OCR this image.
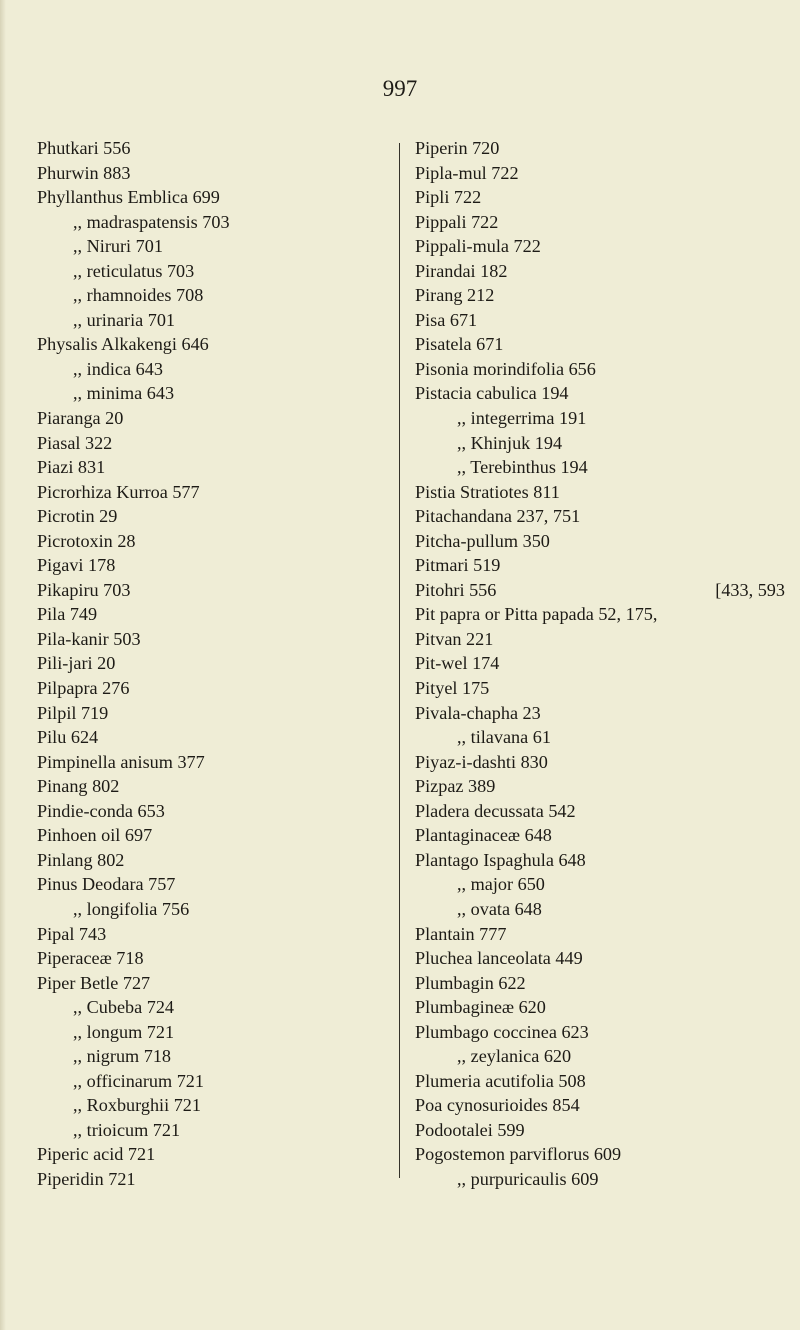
997
Phutkari 556
Phurwin 883
Phyllanthus Emblica 699
,, madraspatensis 703
,, Niruri 701
,, reticulatus 703
,, rhamnoides 708
,, urinaria 701
Physalis Alkakengi 646
,, indica 643
,, minima 643
Piaranga 20
Piasal 322
Piazi 831
Picrorhiza Kurroa 577
Picrotin 29
Picrotoxin 28
Pigavi 178
Pikapiru 703
Pila 749
Pila-kanir 503
Pili-jari 20
Pilpapra 276
Pilpil 719
Pilu 624
Pimpinella anisum 377
Pinang 802
Pindie-conda 653
Pinhoen oil 697
Pinlang 802
Pinus Deodara 757
,, longifolia 756
Pipal 743
Piperaceæ 718
Piper Betle 727
,, Cubeba 724
,, longum 721
,, nigrum 718
,, officinarum 721
,, Roxburghii 721
,, trioicum 721
Piperic acid 721
Piperidin 721
Piperin 720
Pipla-mul 722
Pipli 722
Pippali 722
Pippali-mula 722
Pirandai 182
Pirang 212
Pisa 671
Pisatela 671
Pisonia morindifolia 656
Pistacia cabulica 194
,, integerrima 191
,, Khinjuk 194
,, Terebinthus 194
Pistia Stratiotes 811
Pitachandana 237, 751
Pitcha-pullum 350
Pitmari 519
Pitohri 556	[433, 593
Pit papra or Pitta papada 52, 175,
Pitvan 221
Pit-wel 174
Pityel 175
Pivala-chapha 23
,, tilavana 61
Piyaz-i-dashti 830
Pizpaz 389
Pladera decussata 542
Plantaginaceæ 648
Plantago Ispaghula 648
,, major 650
,, ovata 648
Plantain 777
Pluchea lanceolata 449
Plumbagin 622
Plumbagineæ 620
Plumbago coccinea 623
,, zeylanica 620
Plumeria acutifolia 508
Poa cynosurioides 854
Podootalei 599
Pogostemon parviflorus 609
,, purpuricaulis 609
